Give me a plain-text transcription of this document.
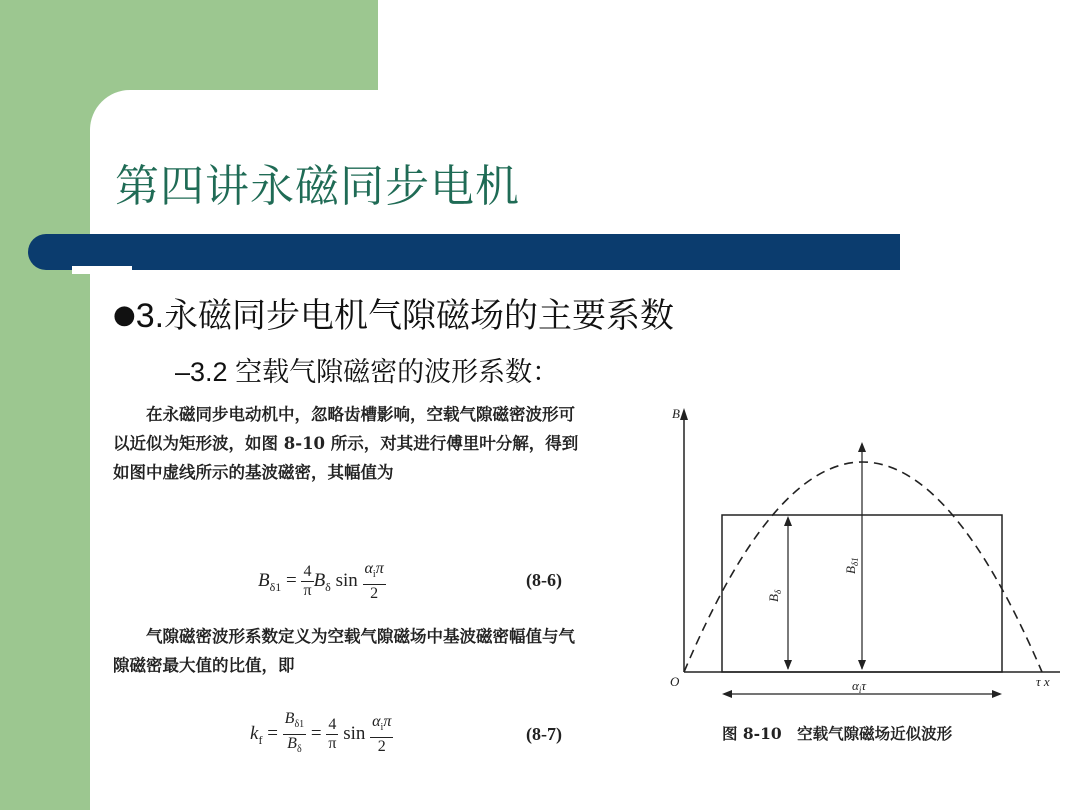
第四讲永磁同步电机
●3.永磁同步电机气隙磁场的主要系数
–3.2 空载气隙磁密的波形系数：
　　在永磁同步电动机中，忽略齿槽影响，空载气隙磁密波形可以近似为矩形波，如图 8-10 所示，对其进行傅里叶分解，得到如图中虚线所示的基波磁密，其幅值为
$B_{\delta 1} = \frac{4}{\pi} B_\delta$ $\sin \frac{\alpha_i\pi}{2}$	(8-6)
　　气隙磁密波形系数定义为空载气隙磁场中基波磁密幅值与气隙磁密最大值的比值，即
$k_f = \frac{B_{\delta 1}}{B_\delta} = \frac{4}{\pi}$ $\sin \frac{\alpha_i\pi}{2}$	(8-7)
B
O	τ x
$B_\delta$
$B_{\delta 1}$
$\alpha_i\tau$
图 8-10　空载气隙磁场近似波形
